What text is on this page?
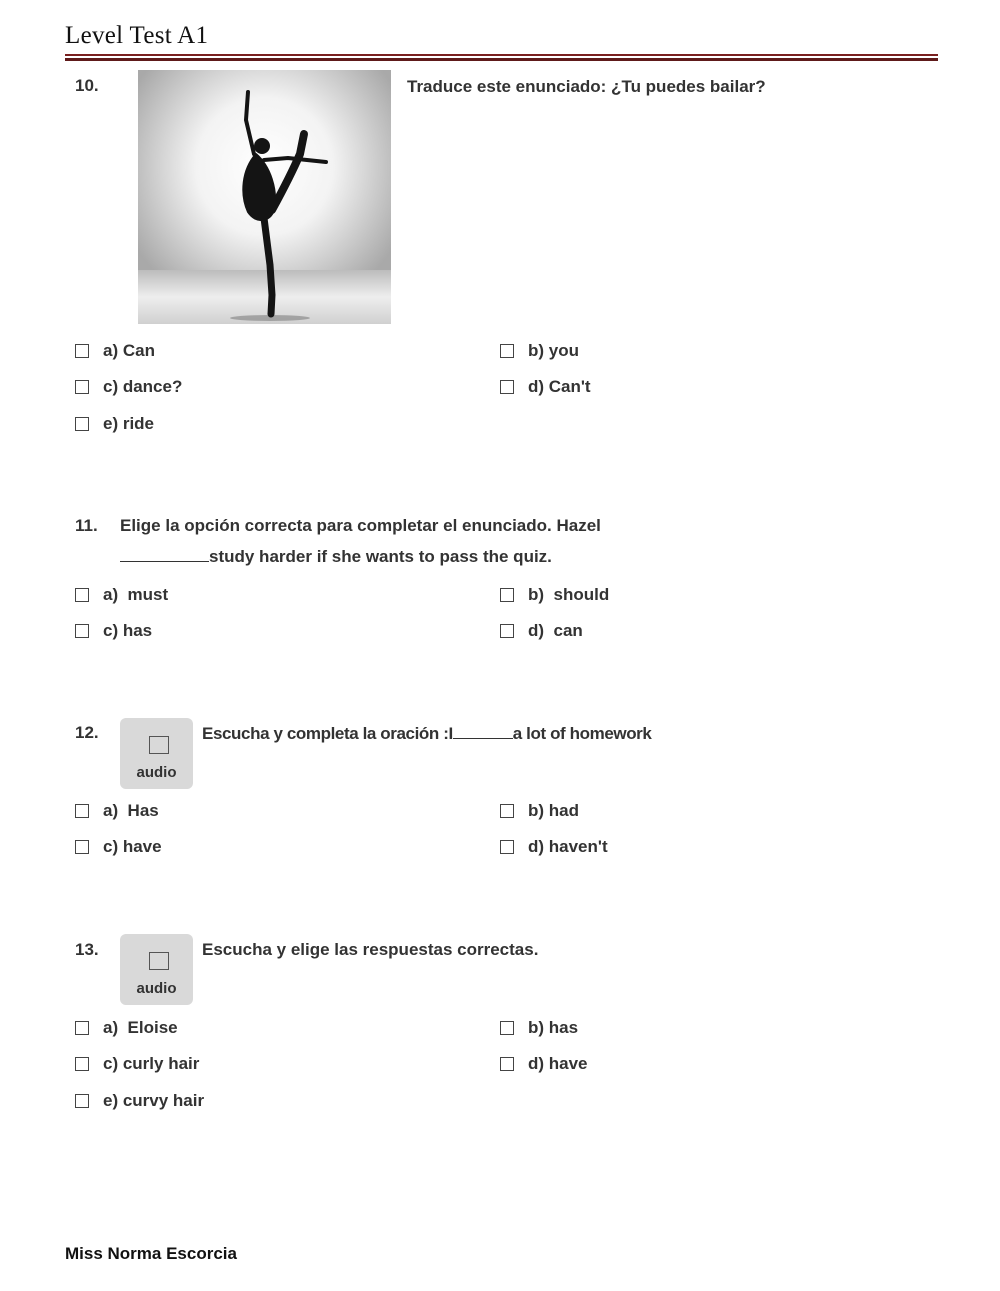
Level Test A1
10.	Traduce este enunciado: ¿Tu puedes bailar?
a) Can	b) you
c) dance?	d) Can't
e) ride
11. Elige la opción correcta para completar el enunciado. Hazel
study harder if she wants to pass the quiz.
a)  must	b)  should
c) has	d)  can
12.
audio
Escucha y completa la oración :I	a lot of homework
a)  Has	b) had
c) have	d) haven't
13.
audio
Escucha y elige las respuestas correctas.
a)  Eloise	b) has
c) curly hair	d) have
e) curvy hair
Miss Norma Escorcia
